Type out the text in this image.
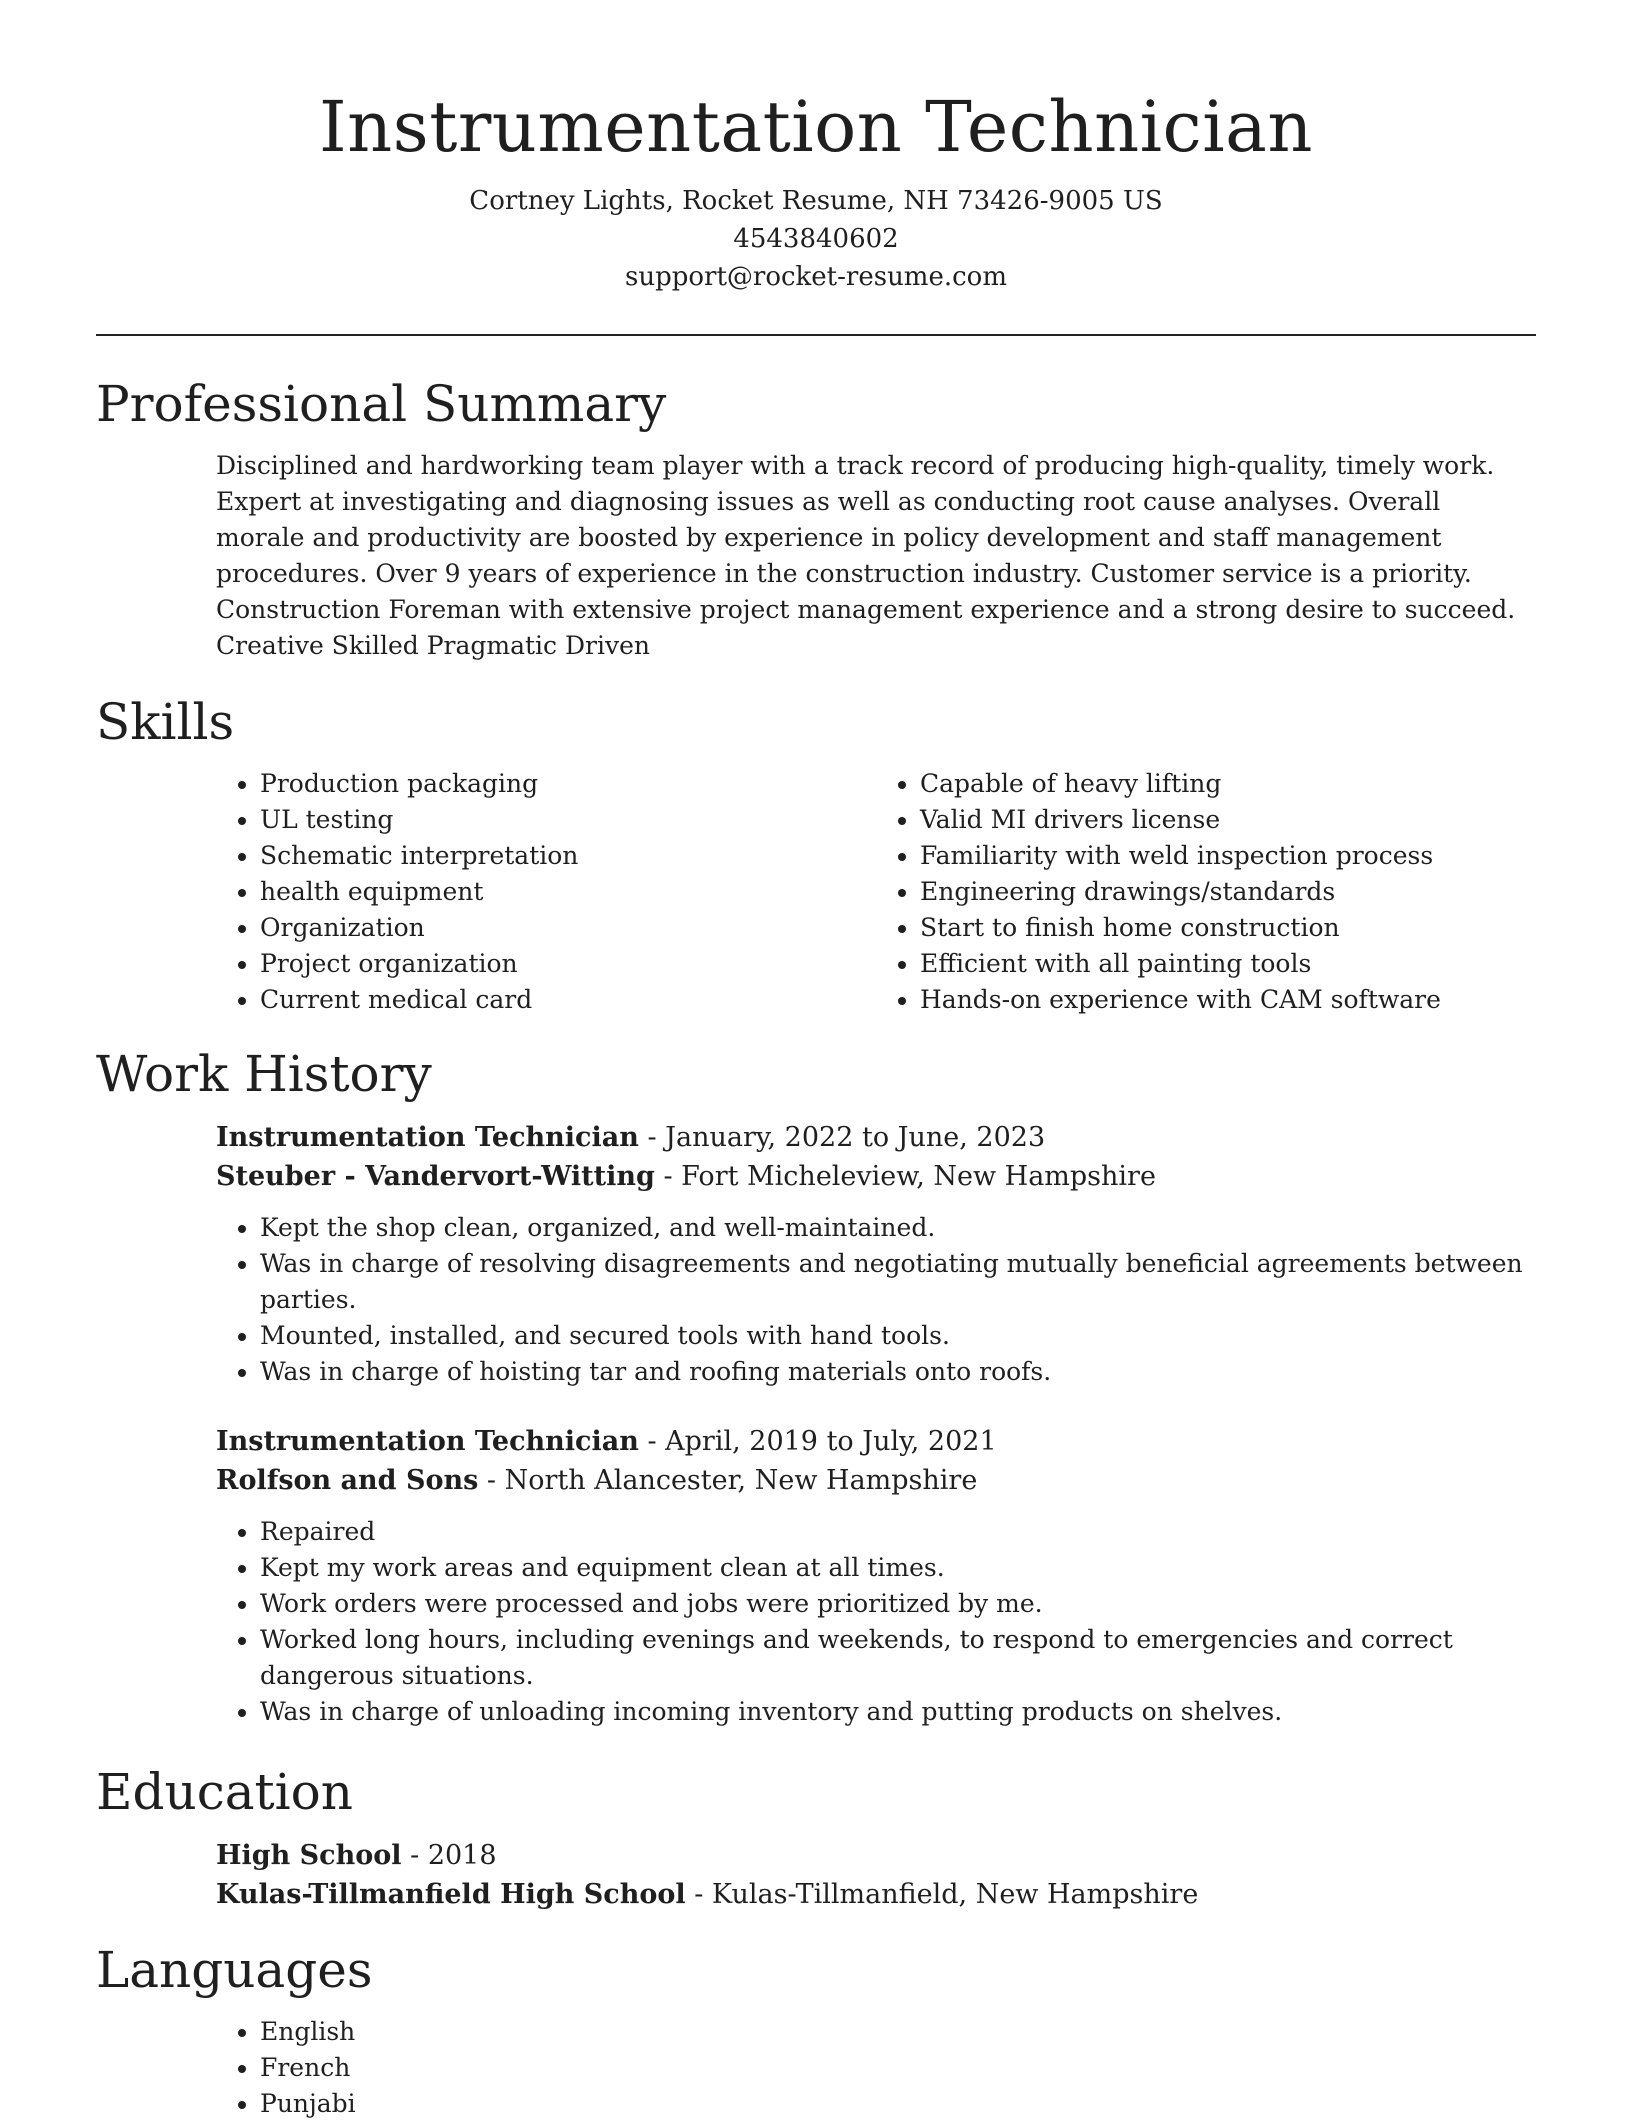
Instrumentation Technician
Cortney Lights, Rocket Resume, NH 73426-9005 US
4543840602
support@rocket-resume.com
Professional Summary

Disciplined and hardworking team player with a track record of producing high-quality, timely work. Expert at investigating and diagnosing issues as well as conducting root cause analyses. Overall morale and productivity are boosted by experience in policy development and staff management procedures. Over 9 years of experience in the construction industry. Customer service is a priority. Construction Foreman with extensive project management experience and a strong desire to succeed. Creative Skilled Pragmatic Driven

Skills
• Production packaging
• UL testing
• Schematic interpretation
• health equipment
• Organization
• Project organization
• Current medical card
• Capable of heavy lifting
• Valid MI drivers license
• Familiarity with weld inspection process
• Engineering drawings/standards
• Start to finish home construction
• Efficient with all painting tools
• Hands-on experience with CAM software
Work History
Instrumentation Technician - January, 2022 to June, 2023
Steuber - Vandervort-Witting - Fort Micheleview, New Hampshire
• Kept the shop clean, organized, and well-maintained.
• Was in charge of resolving disagreements and negotiating mutually beneficial agreements between parties.
• Mounted, installed, and secured tools with hand tools.
• Was in charge of hoisting tar and roofing materials onto roofs.
Instrumentation Technician - April, 2019 to July, 2021
Rolfson and Sons - North Alancester, New Hampshire
• Repaired
• Kept my work areas and equipment clean at all times.
• Work orders were processed and jobs were prioritized by me.
• Worked long hours, including evenings and weekends, to respond to emergencies and correct dangerous situations.
• Was in charge of unloading incoming inventory and putting products on shelves.
Education
High School - 2018
Kulas-Tillmanfield High School - Kulas-Tillmanfield, New Hampshire
Languages
• English
• French
• Punjabi
